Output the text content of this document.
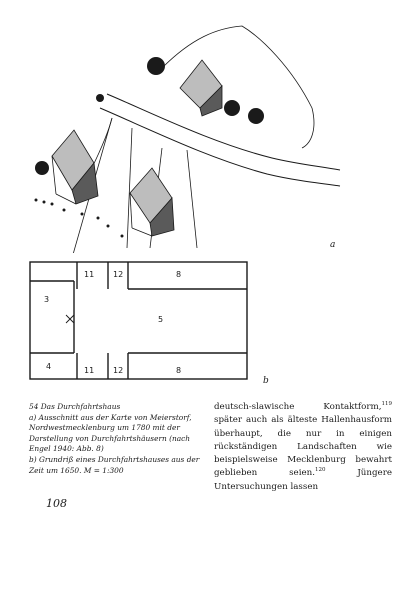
a
11 12	8
3
5
4	11 12	8
b

54 Das Durchfahrtshaus

a) Ausschnitt aus der Karte von Meierstorf, Nordwestmecklenburg um 1780 mit der Darstellung von Durchfahrtshäusern (nach Engel 1940: Abb. 8)

b) Grundriß eines Durchfahrtshauses aus der Zeit um 1650. M = 1:300

deutsch-slawische Kontaktform,$^{119}$ später auch als älteste Hallenhausform überhaupt, die nur in einigen rückständigen Landschaften wie beispielsweise Mecklenburg bewahrt geblieben seien.$^{120}$ Jüngere Untersuchungen lassen

108
